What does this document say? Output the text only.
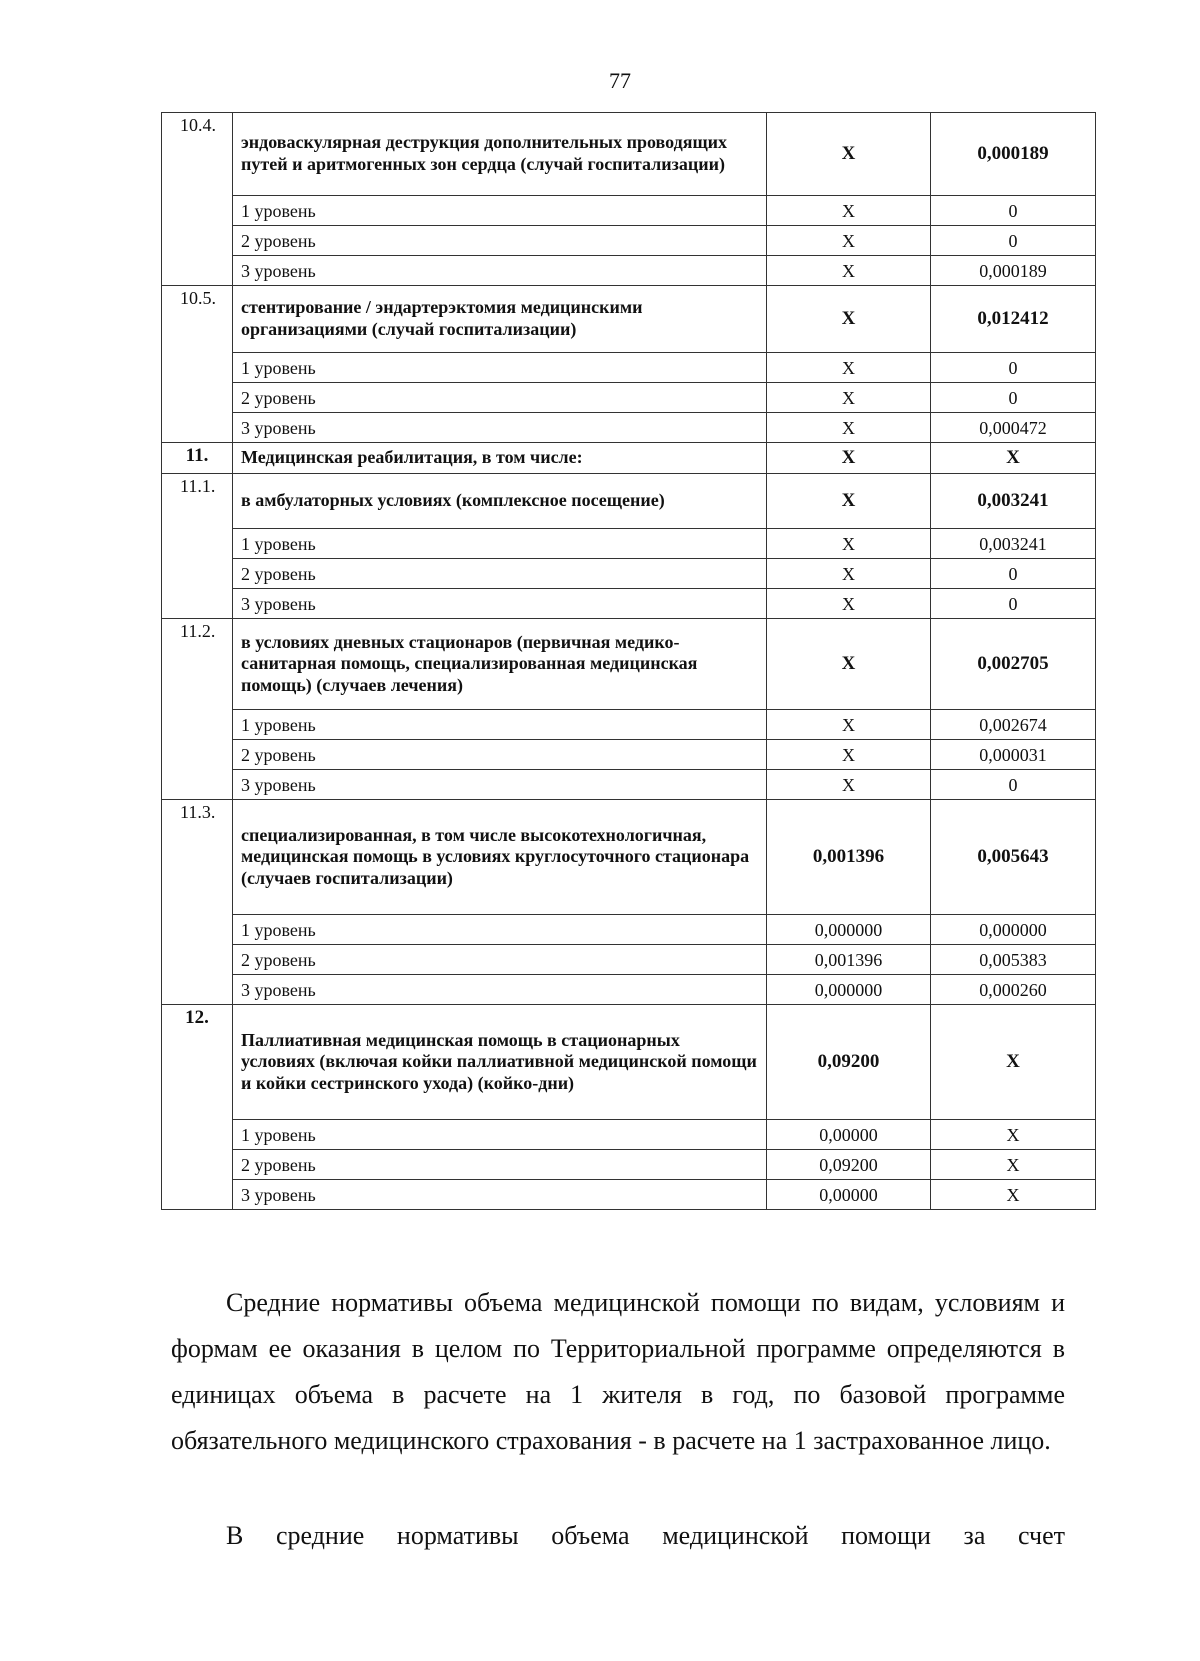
77
10.4.	эндоваскулярная деструкция дополнительных проводящих путей и аритмогенных зон сердца (случай госпитализации)	X	0,000189
	1 уровень	X	0
	2 уровень	X	0
	3 уровень	X	0,000189
10.5.	стентирование / эндартерэктомия медицинскими организациями (случай госпитализации)	X	0,012412
	1 уровень	X	0
	2 уровень	X	0
	3 уровень	X	0,000472
11.	Медицинская реабилитация, в том числе:	X	X
11.1.	в амбулаторных условиях (комплексное посещение)	X	0,003241
	1 уровень	X	0,003241
	2 уровень	X	0
	3 уровень	X	0
11.2.	в условиях дневных стационаров (первичная медико-санитарная помощь, специализированная медицинская помощь) (случаев лечения)	X	0,002705
	1 уровень	X	0,002674
	2 уровень	X	0,000031
	3 уровень	X	0
11.3.	специализированная, в том числе высокотехнологичная, медицинская помощь в условиях круглосуточного стационара (случаев госпитализации)	0,001396	0,005643
	1 уровень	0,000000	0,000000
	2 уровень	0,001396	0,005383
	3 уровень	0,000000	0,000260
12.	Паллиативная медицинская помощь в стационарных условиях (включая койки паллиативной медицинской помощи и койки сестринского ухода) (койко-дни)	0,09200	X
	1 уровень	0,00000	X
	2 уровень	0,09200	X
	3 уровень	0,00000	X
Средние нормативы объема медицинской помощи по видам, условиям и формам ее оказания в целом по Территориальной программе определяются в единицах объема в расчете на 1 жителя в год, по базовой программе обязательного медицинского страхования - в расчете на 1 застрахованное лицо.
В средние нормативы объема медицинской помощи за счет
